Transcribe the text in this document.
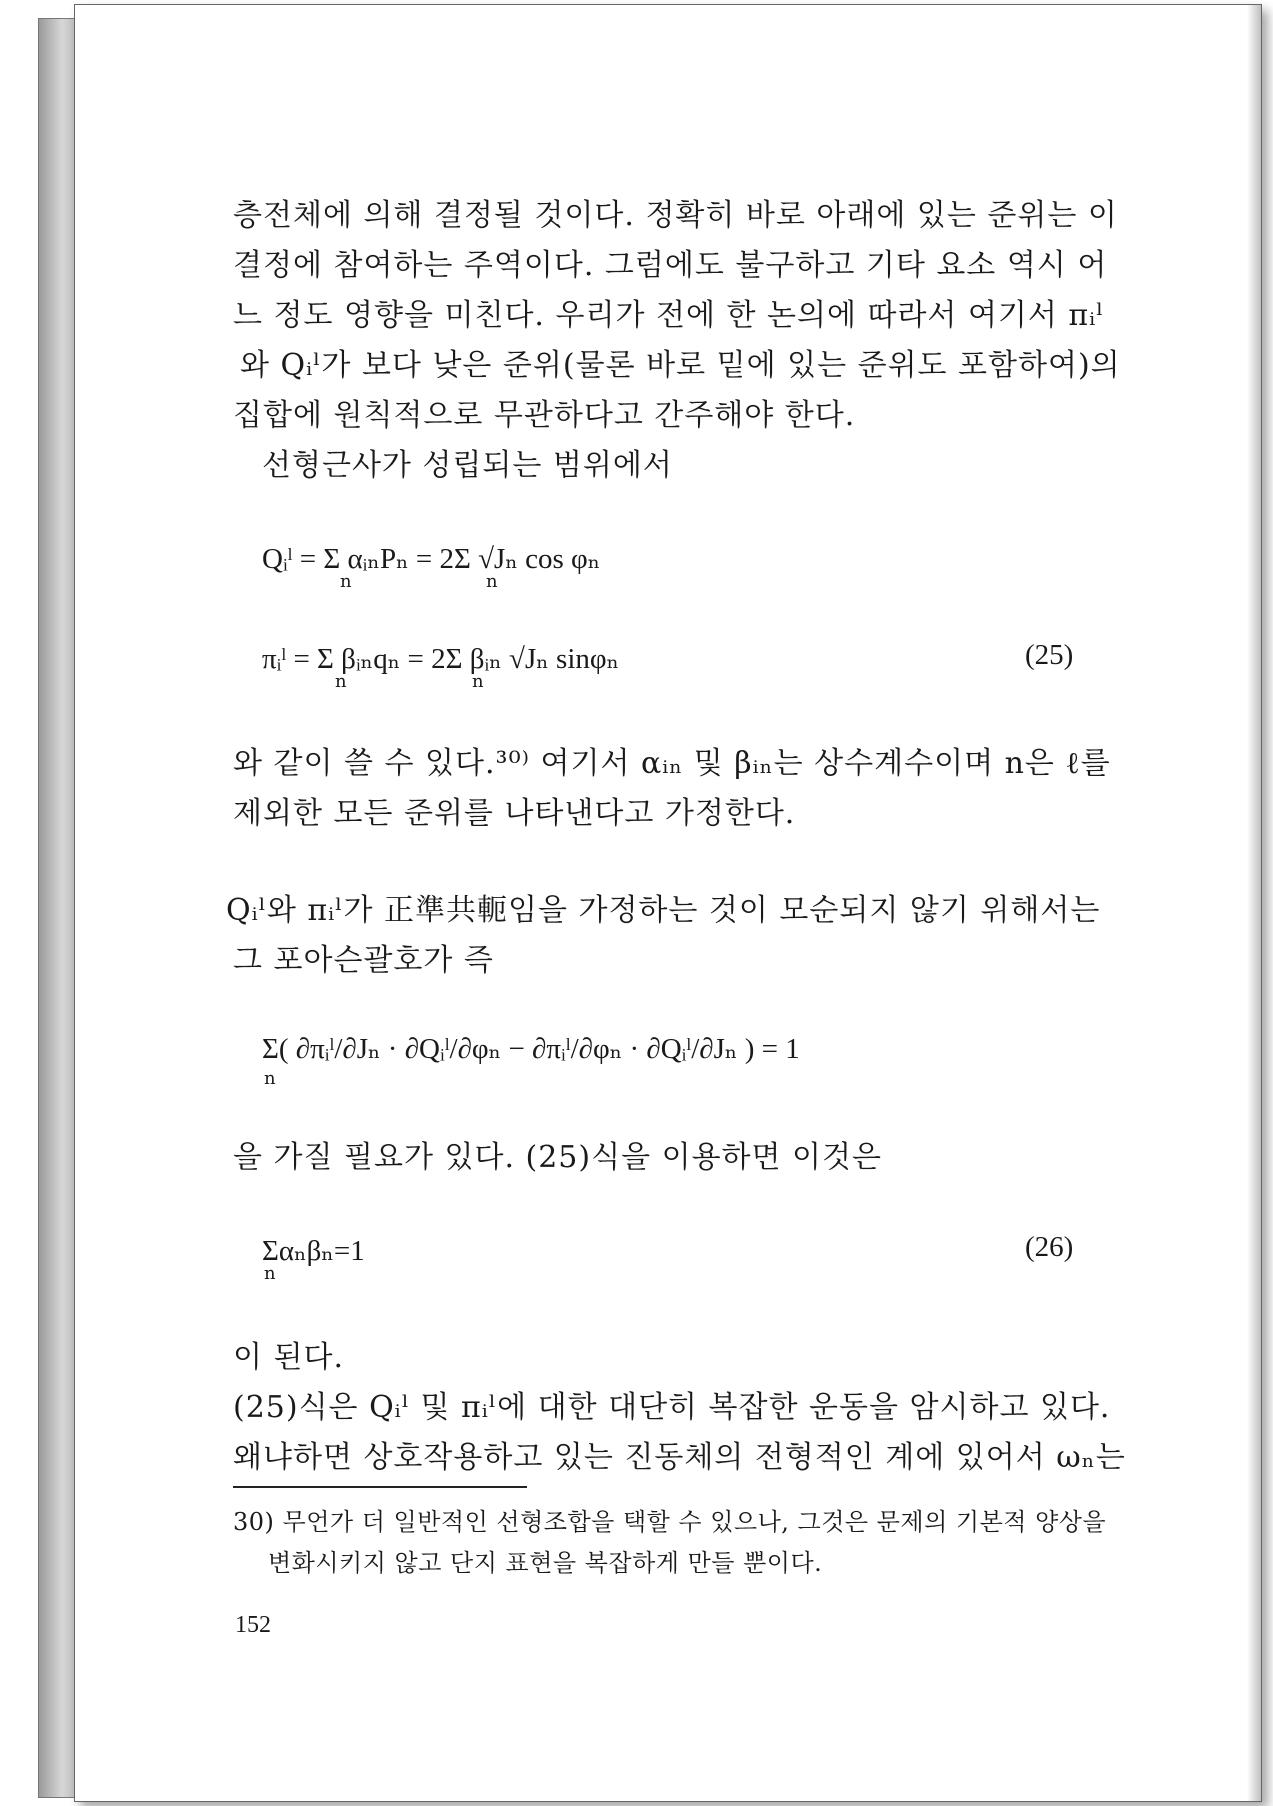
층전체에 의해 결정될 것이다. 정확히 바로 아래에 있는 준위는 이
결정에 참여하는 주역이다. 그럼에도 불구하고 기타 요소 역시 어
느 정도 영향을 미친다. 우리가 전에 한 논의에 따라서 여기서 πᵢˡ
와 Qᵢˡ가 보다 낮은 준위(물론 바로 밑에 있는 준위도 포함하여)의
집합에 원칙적으로 무관하다고 간주해야 한다.
선형근사가 성립되는 범위에서
Qᵢˡ = Σ αᵢₙPₙ = 2Σ √Jₙ cos φₙ
n	n
πᵢˡ = Σ βᵢₙqₙ = 2Σ βᵢₙ √Jₙ sinφₙ
n	n
(25)
와 같이 쓸 수 있다.³⁰⁾ 여기서 αᵢₙ 및 βᵢₙ는 상수계수이며 n은 ℓ를
제외한 모든 준위를 나타낸다고 가정한다.
Qᵢˡ와 πᵢˡ가 正準共軛임을 가정하는 것이 모순되지 않기 위해서는
그 포아슨괄호가 즉
Σ( ∂πᵢˡ/∂Jₙ · ∂Qᵢˡ/∂φₙ − ∂πᵢˡ/∂φₙ · ∂Qᵢˡ/∂Jₙ ) = 1
n
을 가질 필요가 있다. (25)식을 이용하면 이것은
Σαₙβₙ=1
n
(26)
이 된다.
(25)식은 Qᵢˡ 및 πᵢˡ에 대한 대단히 복잡한 운동을 암시하고 있다.
왜냐하면 상호작용하고 있는 진동체의 전형적인 계에 있어서 ωₙ는
30) 무언가 더 일반적인 선형조합을 택할 수 있으나, 그것은 문제의 기본적 양상을
변화시키지 않고 단지 표현을 복잡하게 만들 뿐이다.
152
